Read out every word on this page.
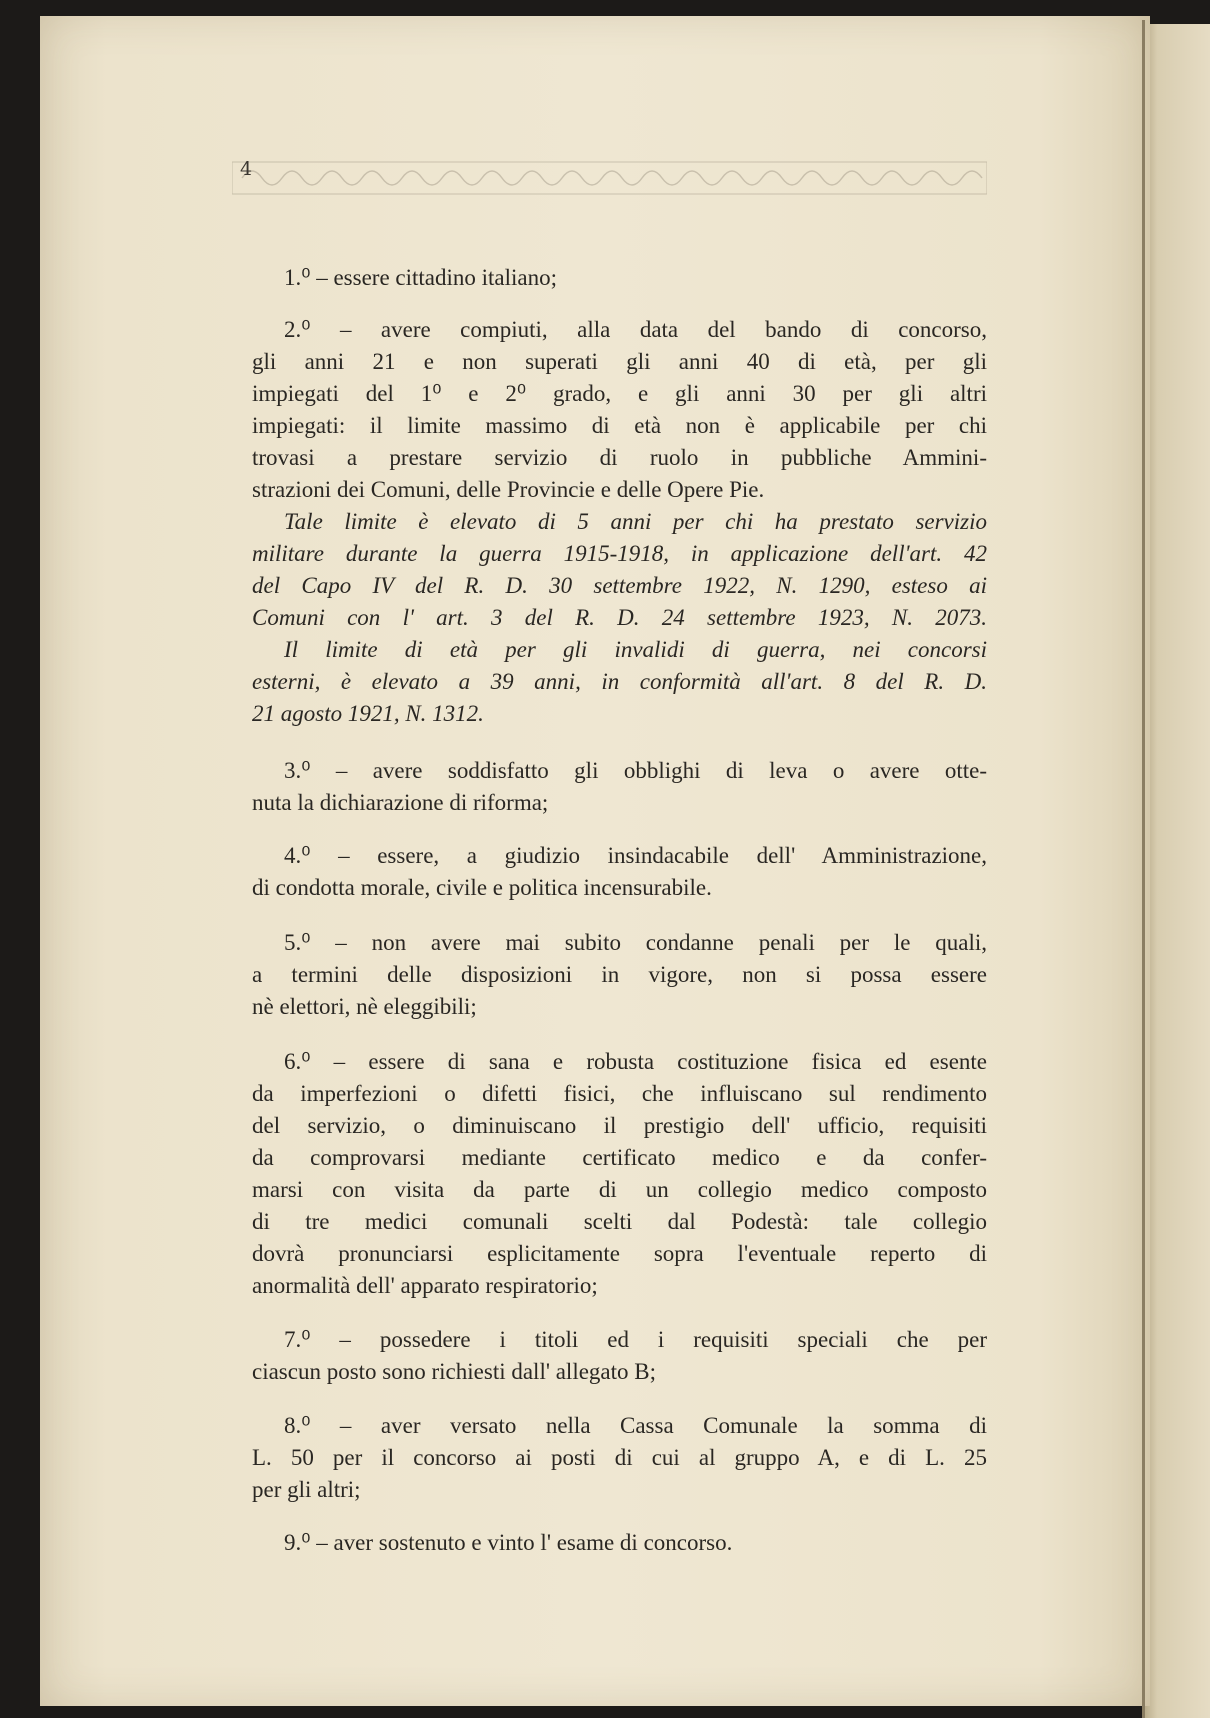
4
1.⁰ – essere cittadino italiano;
2.⁰ – avere compiuti, alla data del bando di concorso,
gli anni 21 e non superati gli anni 40 di età, per gli
impiegati del 1⁰ e 2⁰ grado, e gli anni 30 per gli altri
impiegati: il limite massimo di età non è applicabile per chi
trovasi a prestare servizio di ruolo in pubbliche Ammini-
strazioni dei Comuni, delle Provincie e delle Opere Pie.
Tale limite è elevato di 5 anni per chi ha prestato servizio
militare durante la guerra 1915-1918, in applicazione dell'art. 42
del Capo IV del R. D. 30 settembre 1922, N. 1290, esteso ai
Comuni con l' art. 3 del R. D. 24 settembre 1923, N. 2073.
Il limite di età per gli invalidi di guerra, nei concorsi
esterni, è elevato a 39 anni, in conformità all'art. 8 del R. D.
21 agosto 1921, N. 1312.
3.⁰ – avere soddisfatto gli obblighi di leva o avere otte-
nuta la dichiarazione di riforma;
4.⁰ – essere, a giudizio insindacabile dell' Amministrazione,
di condotta morale, civile e politica incensurabile.
5.⁰ – non avere mai subito condanne penali per le quali,
a termini delle disposizioni in vigore, non si possa essere
nè elettori, nè eleggibili;
6.⁰ – essere di sana e robusta costituzione fisica ed esente
da imperfezioni o difetti fisici, che influiscano sul rendimento
del servizio, o diminuiscano il prestigio dell' ufficio, requisiti
da comprovarsi mediante certificato medico e da confer-
marsi con visita da parte di un collegio medico composto
di tre medici comunali scelti dal Podestà: tale collegio
dovrà pronunciarsi esplicitamente sopra l'eventuale reperto di
anormalità dell' apparato respiratorio;
7.⁰ – possedere i titoli ed i requisiti speciali che per
ciascun posto sono richiesti dall' allegato B;
8.⁰ – aver versato nella Cassa Comunale la somma di
L. 50 per il concorso ai posti di cui al gruppo A, e di L. 25
per gli altri;
9.⁰ – aver sostenuto e vinto l' esame di concorso.
